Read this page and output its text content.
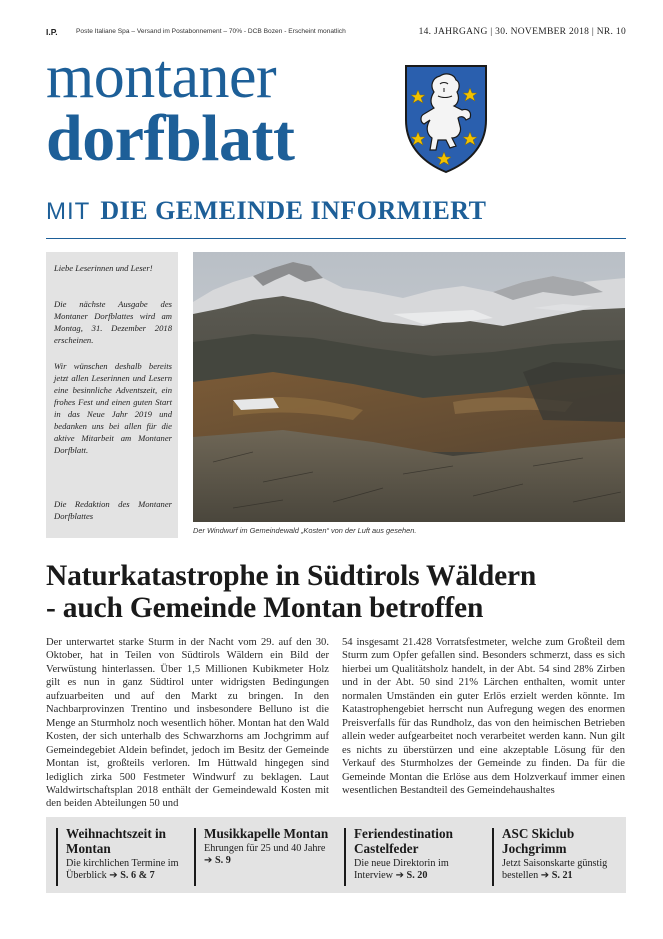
I.P.	Poste Italiane Spa – Versand im Postabonnement – 70% - DCB Bozen - Erscheint monatlich	14. JAHRGANG | 30. NOVEMBER 2018 | NR. 10
montaner
dorfblatt
MIT DIE GEMEINDE INFORMIERT

Liebe Leserinnen und Leser!

Die nächste Ausgabe des Montaner Dorfblattes wird am Montag, 31. Dezember 2018 erscheinen.

Wir wünschen deshalb bereits jetzt allen Leserinnen und Lesern eine besinnliche Adventszeit, ein frohes Fest und einen guten Start in das Neue Jahr 2019 und bedanken uns bei allen für die aktive Mitarbeit am Montaner Dorfblatt.

Die Redaktion des Montaner Dorfblattes

Der Windwurf im Gemeindewald „Kosten“ von der Luft aus gesehen.
Naturkatastrophe in Südtirols Wäldern
- auch Gemeinde Montan betroffen

Der unterwartet starke Sturm in der Nacht vom 29. auf den 30. Oktober, hat in Teilen von Südtirols Wäldern ein Bild der Verwüstung hinterlassen. Über 1,5 Millionen Kubikmeter Holz gilt es nun in ganz Südtirol unter widrigsten Bedingungen aufzuarbeiten und auf den Markt zu bringen. In den Nachbarprovinzen Trentino und insbesondere Belluno ist die Menge an Sturmholz noch wesentlich höher. Montan hat den Wald Kosten, der sich unterhalb des Schwarzhorns am Jochgrimm auf Gemeindegebiet Aldein befindet, jedoch im Besitz der Gemeinde Montan ist, großteils verloren. Im Hüttwald hingegen sind lediglich zirka 500 Festmeter Windwurf zu beklagen. Laut Waldwirtschaftsplan 2018 enthält der Gemeindewald Kosten mit den beiden Abteilungen 50 und

54 insgesamt 21.428 Vorratsfestmeter, welche zum Großteil dem Sturm zum Opfer gefallen sind. Besonders schmerzt, dass es sich hierbei um Qualitätsholz handelt, in der Abt. 54 sind 28% Zirben und in der Abt. 50 sind 21% Lärchen enthalten, womit unter normalen Umständen ein guter Erlös erzielt werden könnte. Im Katastrophengebiet herrscht nun Aufregung wegen des enormen Preisverfalls für das Rundholz, das von den heimischen Betrieben allein weder aufgearbeitet noch verarbeitet werden kann. Nun gilt es nichts zu überstürzen und eine akzeptable Lösung für den Verkauf des Sturmholzes der Gemeinde zu finden. Da für die Gemeinde Montan die Erlöse aus dem Holzverkauf immer einen wesentlichen Bestandteil des Gemeindehaushaltes

Weihnachtszeit in Montan

Die kirchlichen Termine im Überblick ➔ S. 6 & 7

Musikkapelle Montan

Ehrungen für 25 und 40 Jahre ➔ S. 9

Feriendestination Castelfeder

Die neue Direktorin im Interview ➔ S. 20

ASC Skiclub Jochgrimm

Jetzt Saisonskarte günstig bestellen ➔ S. 21
